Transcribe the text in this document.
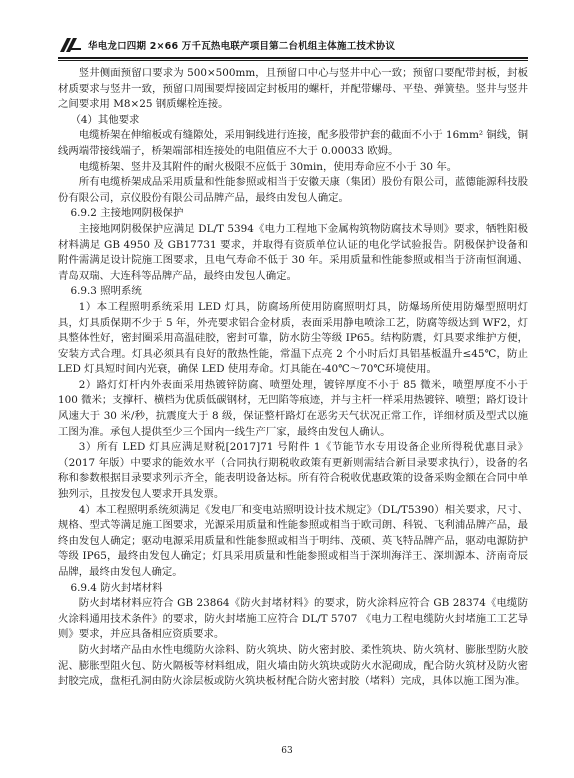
华电龙口四期 2×66 万千瓦热电联产项目第二台机组主体施工技术协议

竖井侧面预留口要求为 500×500mm，且预留口中心与竖井中心一致；预留口要配带封板，封板材质要求与竖井一致，预留口周围要焊接固定封板用的螺杆，并配带螺母、平垫、弹簧垫。竖井与竖井之间要求用 M8×25 钢质螺栓连接。

（4）其他要求

电缆桥架在伸缩板或有缝隙处，采用铜线进行连接，配多股带护套的截面不小于 16mm² 铜线，铜线两端带接线端子，桥架端部相连接处的电阻值应不大于 0.00033 欧姆。

电缆桥架、竖井及其附件的耐火极限不应低于 30min，使用寿命应不小于 30 年。

所有电缆桥架成品采用质量和性能参照或相当于安徽天康（集团）股份有限公司，蓝德能源科技股份有限公司，京仪股份有限公司品牌产品，最终由发包人确定。

6.9.2 主接地网阴极保护

主接地网阴极保护应满足 DL/T 5394《电力工程地下金属构筑物防腐技术导则》要求，牺牲阳极材料满足 GB 4950 及 GB17731 要求，并取得有资质单位认证的电化学试验报告。阴极保护设备和附件需满足设计院施工图要求，且电气寿命不低于 30 年。采用质量和性能参照或相当于济南恒润通、青岛双瑞、大连科等品牌产品，最终由发包人确定。

6.9.3 照明系统

1）本工程照明系统采用 LED 灯具，防腐场所使用防腐照明灯具，防爆场所使用防爆型照明灯具，灯具质保期不少于 5 年，外壳要求铝合金材质，表面采用静电喷涂工艺，防腐等级达到 WF2，灯具整体性好，密封圈采用高温硅胶，密封可靠，防水防尘等级 IP65。结构防震，灯具要求维护方便，安装方式合理。灯具必须具有良好的散热性能，常温下点亮 2 个小时后灯具铝基板温升≤45℃，防止 LED 灯具短时间内光衰，确保 LED 使用寿命。灯具能在-40℃～70℃环境使用。

2）路灯灯杆内外表面采用热镀锌防腐、喷塑处理，镀锌厚度不小于 85 微米，喷塑厚度不小于 100 微米；支撑杆、横档为优质低碳钢材，无凹陷等痕迹，并与主杆一样采用热镀锌、喷塑；路灯设计风速大于 30 米/秒，抗震度大于 8 级，保证整杆路灯在恶劣天气状况正常工作，详细材质及型式以施工图为准。承包人提供至少三个国内一线生产厂家，最终由发包人确认。

3）所有 LED 灯具应满足财税[2017]71 号附件 1《节能节水专用设备企业所得税优惠目录》（2017 年版）中要求的能效水平（合同执行期税收政策有更新则需结合新目录要求执行），设备的名称和参数根据目录要求列示齐全，能表明设备达标。所有符合税收优惠政策的设备采购金额在合同中单独列示，且按发包人要求开具发票。

4）本工程照明系统须满足《发电厂和变电站照明设计技术规定》（DL/T5390）相关要求，尺寸、规格、型式等满足施工图要求，光源采用质量和性能参照或相当于欧司朗、科锐、飞利浦品牌产品，最终由发包人确定；驱动电源采用质量和性能参照或相当于明纬、茂硕、英飞特品牌产品，驱动电源防护等级 IP65，最终由发包人确定；灯具采用质量和性能参照或相当于深圳海洋王、深圳源本、济南奇辰品牌，最终由发包人确定。

6.9.4 防火封堵材料

防火封堵材料应符合 GB 23864《防火封堵材料》的要求，防火涂料应符合 GB 28374《电缆防火涂料通用技术条件》的要求，防火封堵施工应符合 DL/T 5707 《电力工程电缆防火封堵施工工艺导则》要求，并应具备相应资质要求。

防火封堵产品由水性电缆防火涂料、防火筑块、防火密封胶、柔性筑块、防火筑材、膨胀型防火胶泥、膨胀型阻火包、防火隔板等材料组成，阻火墙由防火筑块或防火水泥砌成，配合防火筑材及防火密封胶完成，盘柜孔洞由防火涂层板或防火筑块板材配合防火密封胶（堵料）完成，具体以施工图为准。

63
